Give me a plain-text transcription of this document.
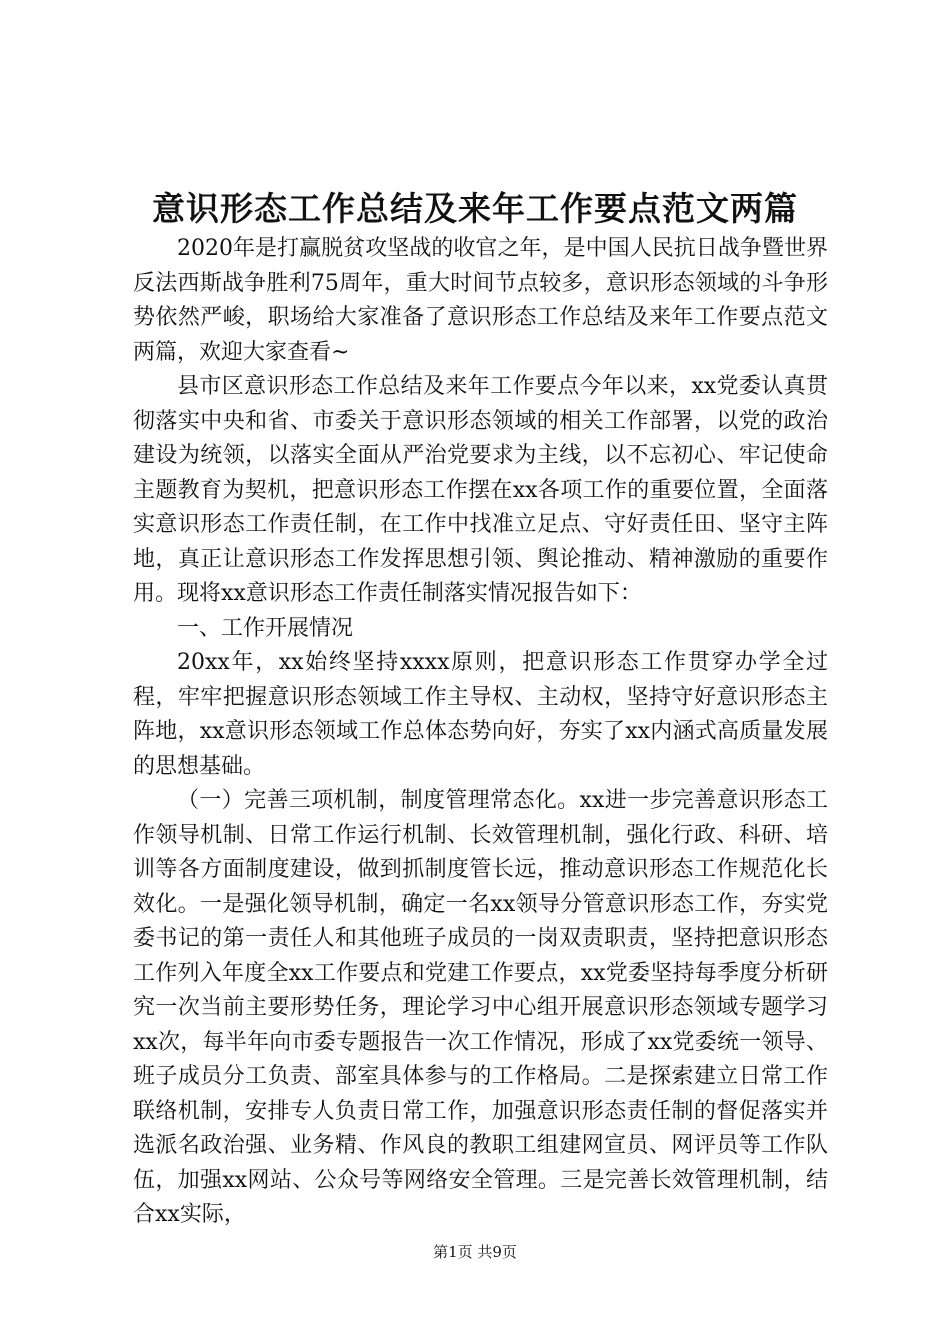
意识形态工作总结及来年工作要点范文两篇

2020年是打赢脱贫攻坚战的收官之年，是中国人民抗日战争暨世界反法西斯战争胜利75周年，重大时间节点较多，意识形态领域的斗争形势依然严峻，职场给大家准备了意识形态工作总结及来年工作要点范文两篇，欢迎大家查看~

县市区意识形态工作总结及来年工作要点今年以来，xx党委认真贯彻落实中央和省、市委关于意识形态领域的相关工作部署，以党的政治建设为统领，以落实全面从严治党要求为主线，以不忘初心、牢记使命主题教育为契机，把意识形态工作摆在xx各项工作的重要位置，全面落实意识形态工作责任制，在工作中找准立足点、守好责任田、坚守主阵地，真正让意识形态工作发挥思想引领、舆论推动、精神激励的重要作用。现将xx意识形态工作责任制落实情况报告如下：

一、工作开展情况

20xx年，xx始终坚持xxxx原则，把意识形态工作贯穿办学全过程，牢牢把握意识形态领域工作主导权、主动权，坚持守好意识形态主阵地，xx意识形态领域工作总体态势向好，夯实了xx内涵式高质量发展的思想基础。

（一）完善三项机制，制度管理常态化。xx进一步完善意识形态工作领导机制、日常工作运行机制、长效管理机制，强化行政、科研、培训等各方面制度建设，做到抓制度管长远，推动意识形态工作规范化长效化。一是强化领导机制，确定一名xx领导分管意识形态工作，夯实党委书记的第一责任人和其他班子成员的一岗双责职责，坚持把意识形态工作列入年度全xx工作要点和党建工作要点，xx党委坚持每季度分析研究一次当前主要形势任务，理论学习中心组开展意识形态领域专题学习xx次，每半年向市委专题报告一次工作情况，形成了xx党委统一领导、班子成员分工负责、部室具体参与的工作格局。二是探索建立日常工作联络机制，安排专人负责日常工作，加强意识形态责任制的督促落实并选派名政治强、业务精、作风良的教职工组建网宣员、网评员等工作队伍，加强xx网站、公众号等网络安全管理。三是完善长效管理机制，结合xx实际，

第1页 共9页
